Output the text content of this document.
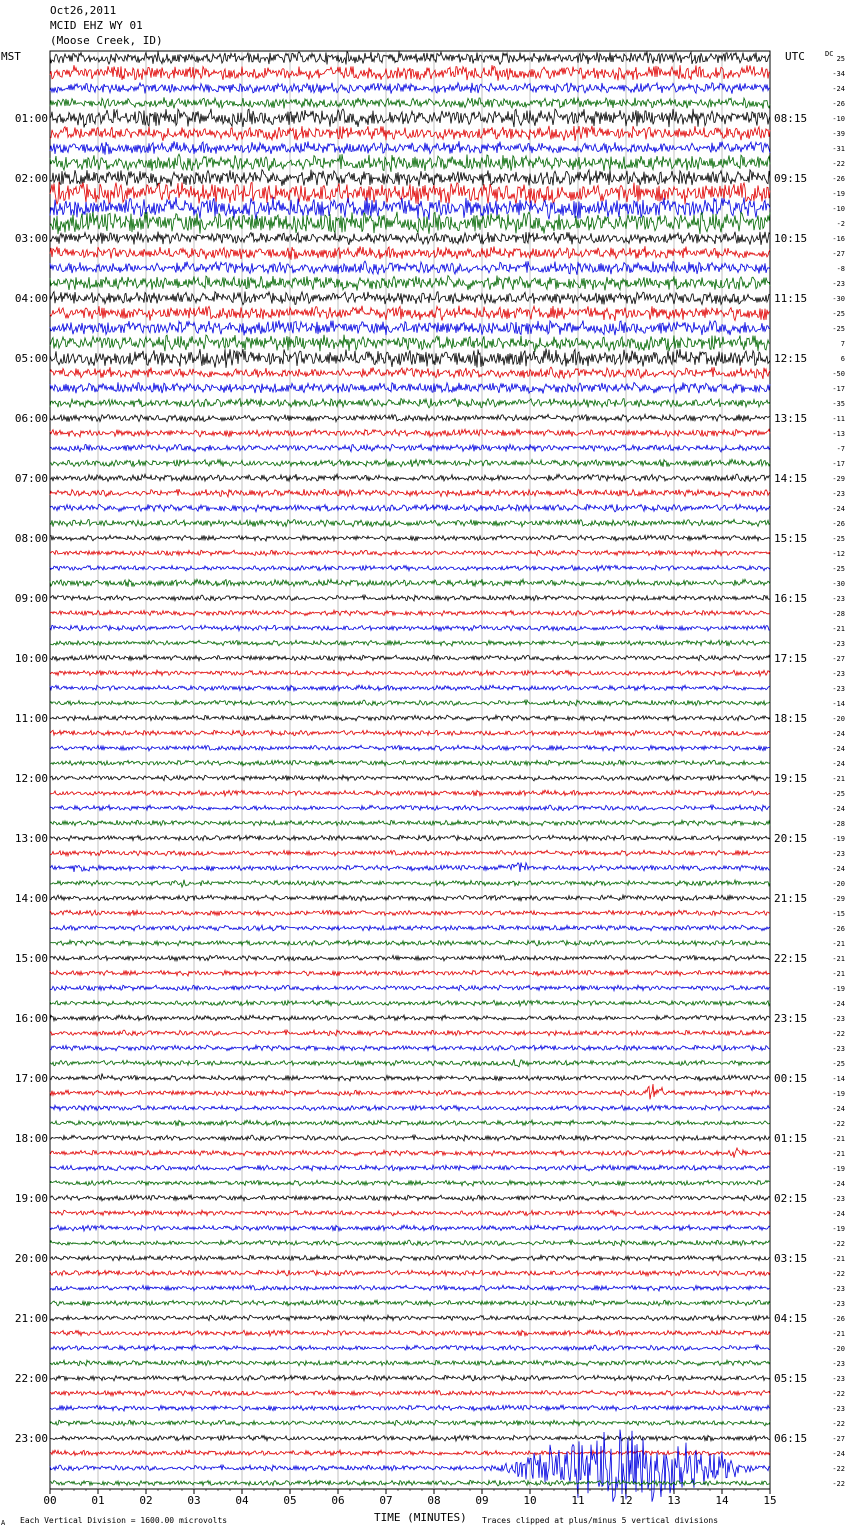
Oct26,2011
MCID EHZ WY 01
(Moose Creek, ID)
MST	UTC	DC
01:00	08:15
02:00	09:15
03:00	10:15
04:00	11:15
05:00	12:15
06:00	13:15
07:00	14:15
08:00	15:15
09:00	16:15
10:00	17:15
11:00	18:15
12:00	19:15
13:00	20:15
14:00	21:15
15:00	22:15
16:00	23:15
17:00	00:15
18:00	01:15
19:00	02:15
20:00	03:15
21:00	04:15
22:00	05:15
23:00	06:15
25
-34
-24
-26
-10
-39
-31
-22
-26
-19
-10
-2
-16
-27
-8
-23
-30
-25
-25
7
6
-50
-17
-35
-11
-13
-7
-17
-29
-23
-24
-26
-25
-12
-25
-30
-23
-28
-21
-23
-27
-23
-23
-14
-20
-24
-24
-24
-21
-25
-24
-28
-19
-23
-24
-20
-29
-15
-26
-21
-21
-21
-19
-24
-23
-22
-23
-25
-14
-19
-24
-22
-21
-21
-19
-24
-23
-24
-19
-22
-21
-22
-23
-23
-26
-21
-20
-23
-23
-22
-23
-22
-27
-24
-22
-22
00	01	02	03	04	05	06	07	08	09	10	11	12	13	14	15
TIME (MINUTES)
Each Vertical Division = 1600.00 microvolts	Traces clipped at plus/minus 5 vertical divisions
A
